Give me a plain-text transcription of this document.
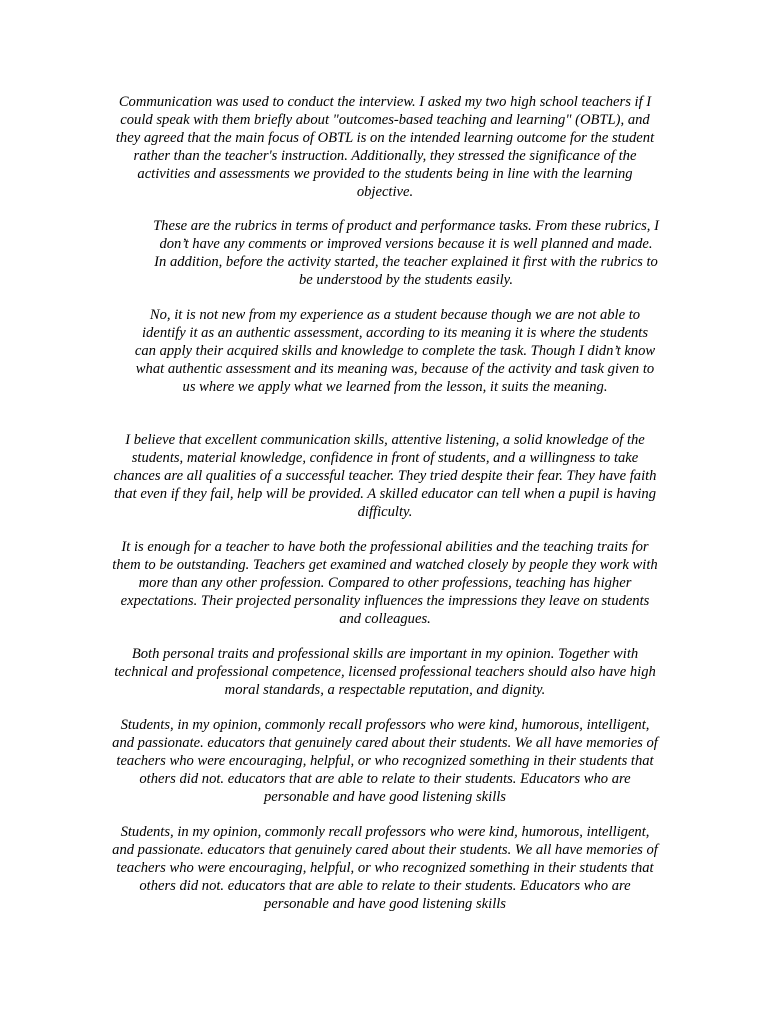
Communication was used to conduct the interview. I asked my two high school teachers if I could speak with them briefly about "outcomes-based teaching and learning" (OBTL), and they agreed that the main focus of OBTL is on the intended learning outcome for the student rather than the teacher's instruction. Additionally, they stressed the significance of the activities and assessments we provided to the students being in line with the learning objective.

These are the rubrics in terms of product and performance tasks. From these rubrics, I don’t have any comments or improved versions because it is well planned and made. In addition, before the activity started, the teacher explained it first with the rubrics to be understood by the students easily.

No, it is not new from my experience as a student because though we are not able to identify it as an authentic assessment, according to its meaning it is where the students can apply their acquired skills and knowledge to complete the task. Though I didn’t know what authentic assessment and its meaning was, because of the activity and task given to us where we apply what we learned from the lesson, it suits the meaning.

I believe that excellent communication skills, attentive listening, a solid knowledge of the students, material knowledge, confidence in front of students, and a willingness to take chances are all qualities of a successful teacher. They tried despite their fear. They have faith that even if they fail, help will be provided. A skilled educator can tell when a pupil is having difficulty.

It is enough for a teacher to have both the professional abilities and the teaching traits for them to be outstanding. Teachers get examined and watched closely by people they work with more than any other profession. Compared to other professions, teaching has higher expectations. Their projected personality influences the impressions they leave on students and colleagues.

Both personal traits and professional skills are important in my opinion. Together with technical and professional competence, licensed professional teachers should also have high moral standards, a respectable reputation, and dignity.

Students, in my opinion, commonly recall professors who were kind, humorous, intelligent, and passionate. educators that genuinely cared about their students. We all have memories of teachers who were encouraging, helpful, or who recognized something in their students that others did not. educators that are able to relate to their students. Educators who are personable and have good listening skills

Students, in my opinion, commonly recall professors who were kind, humorous, intelligent, and passionate. educators that genuinely cared about their students. We all have memories of teachers who were encouraging, helpful, or who recognized something in their students that others did not. educators that are able to relate to their students. Educators who are personable and have good listening skills
